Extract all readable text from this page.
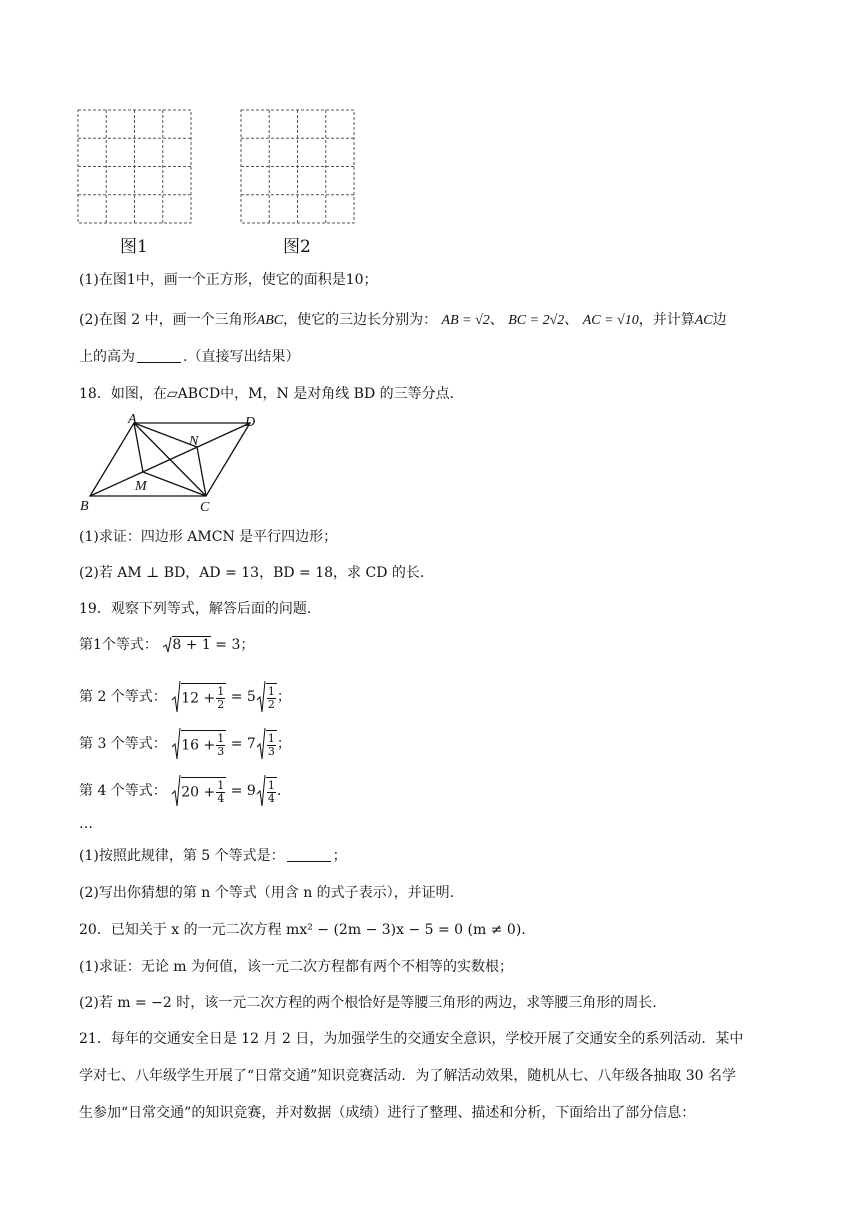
图1	图2
(1)在图1中，画一个正方形，使它的面积是10；
(2)在图 2 中，画一个三角形ABC，使它的三边长分别为： AB = √2、 BC = 2√2、 AC = √10，并计算AC边
上的高为	.（直接写出结果）
18．如图，在▱ABCD中，M，N 是对角线 BD 的三等分点.
A	D
B	C
M
N
(1)求证：四边形 AMCN 是平行四边形；
(2)若 AM ⊥ BD，AD = 13，BD = 18，求 CD 的长.
19．观察下列等式，解答后面的问题.
第1个等式： 8 + 1 = 3；
第 2 个等式： $12 + \frac{1}{2} = 5 \frac{1}{2}$ ；
第 3 个等式： $16 + \frac{1}{3} = 7 \frac{1}{3}$ ；
第 4 个等式： $20 + \frac{1}{4} = 9 \frac{1}{4}$ .
…
(1)按照此规律，第 5 个等式是：	；
(2)写出你猜想的第 n 个等式（用含 n 的式子表示），并证明.
20．已知关于 x 的一元二次方程 mx² − (2m − 3)x − 5 = 0 (m ≠ 0).
(1)求证：无论 m 为何值，该一元二次方程都有两个不相等的实数根；
(2)若 m = −2 时，该一元二次方程的两个根恰好是等腰三角形的两边，求等腰三角形的周长.
21．每年的交通安全日是 12 月 2 日，为加强学生的交通安全意识，学校开展了交通安全的系列活动．某中
学对七、八年级学生开展了“日常交通”知识竞赛活动．为了解活动效果，随机从七、八年级各抽取 30 名学
生参加“日常交通”的知识竞赛，并对数据（成绩）进行了整理、描述和分析，下面给出了部分信息：
